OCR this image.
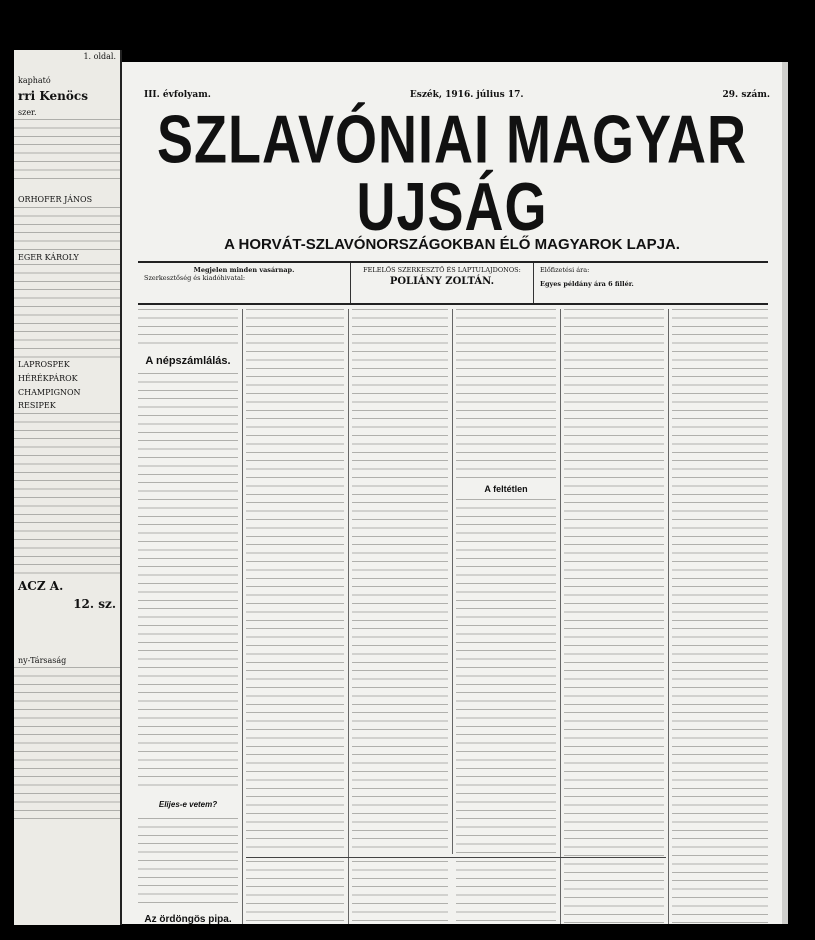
1. oldal.
kapható
rri Kenöcs
szer.
ORHOFER JÁNOS
EGER KÁROLY
LAPROSPEK
HÉRÉKPÁROK
CHAMPIGNON
RESIPEK
ACZ A.
12. sz.
ny-Társaság
III. évfolyam.	Eszék, 1916. július 17.	29. szám.
SZLAVÓNIAI MAGYAR UJSÁG
A HORVÁT-SZLAVÓNORSZÁGOKBAN ÉLŐ MAGYAROK LAPJA.
Megjelen minden vasárnap.
Szerkesztőség és kiadóhivatal:
FELELŐS SZERKESZTŐ ÉS LAPTULAJDONOS:
POLIÁNY ZOLTÁN.
Előfizetési ára:
Egyes példány ára 6 fillér.
A népszámlálás.
Elijes-e vetem?
Az ördöngös pipa.
A feltétlen
